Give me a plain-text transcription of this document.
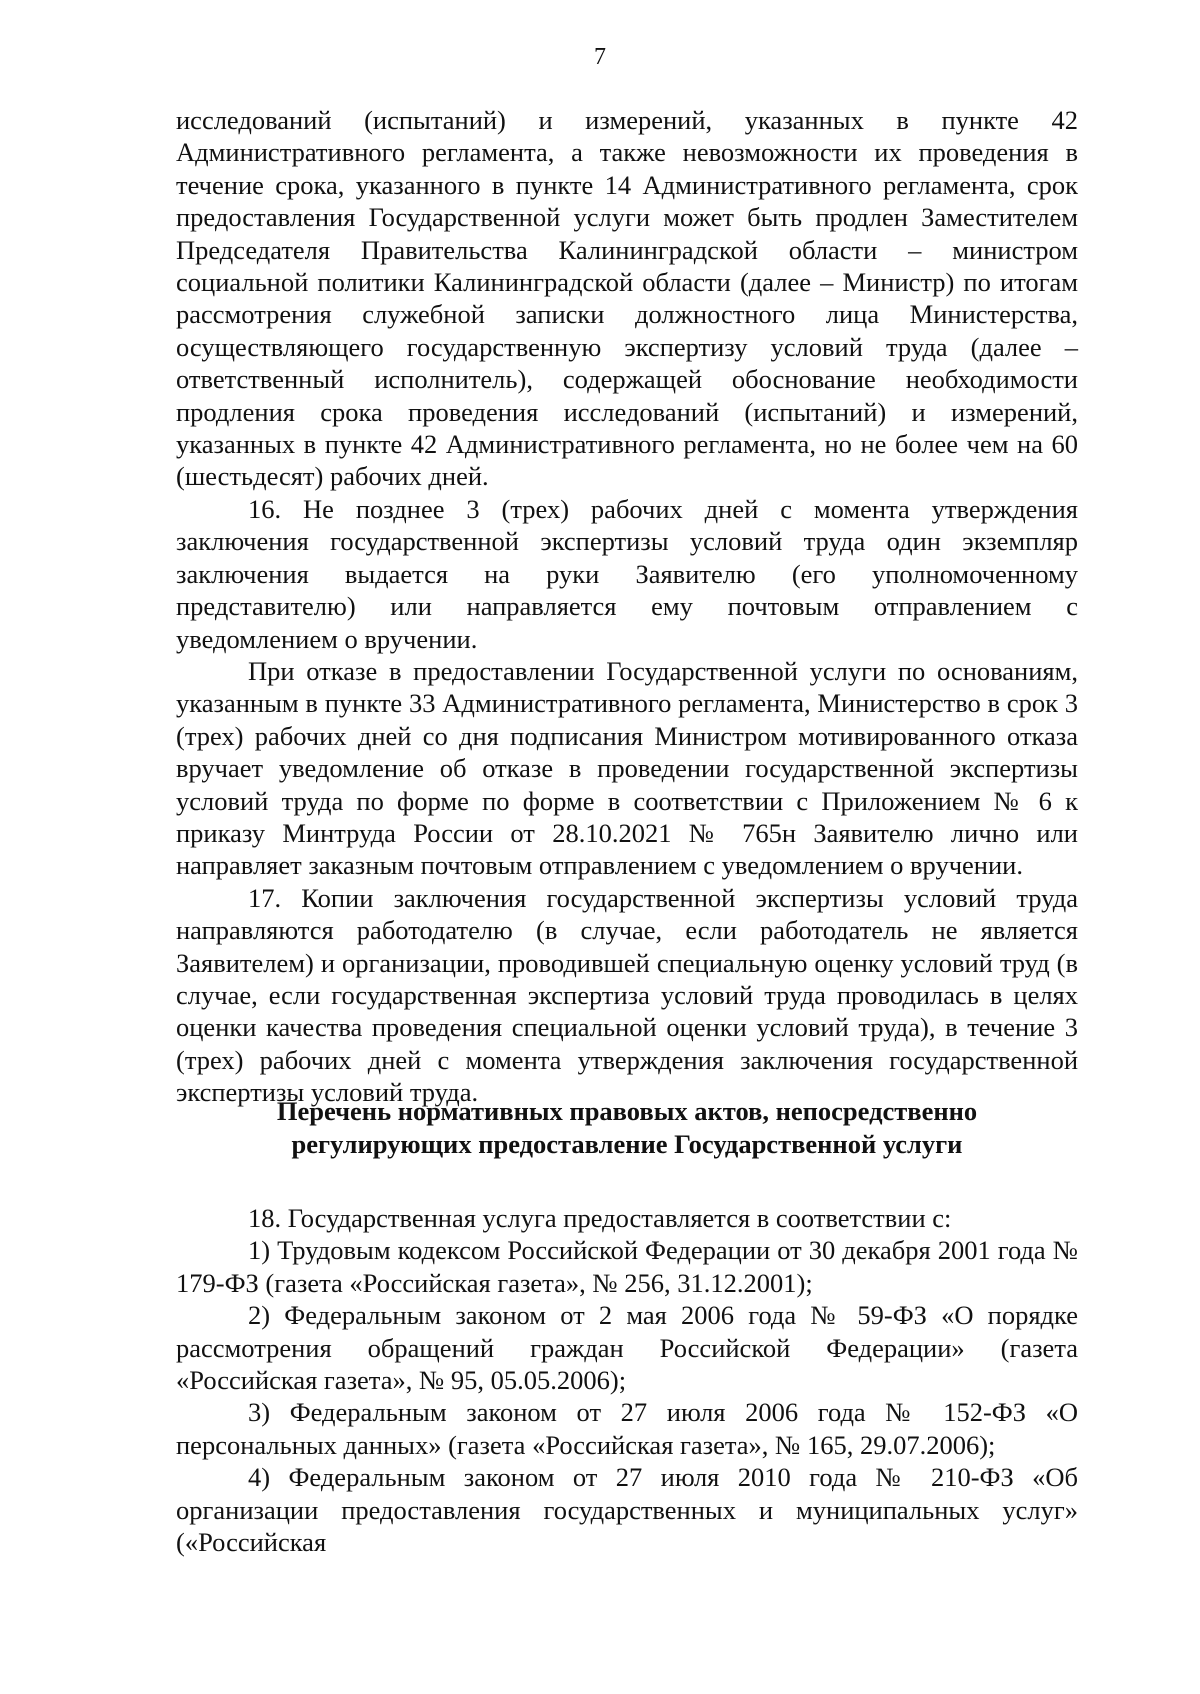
7

исследований (испытаний) и измерений, указанных в пункте 42 Административного регламента, а также невозможности их проведения в течение срока, указанного в пункте 14 Административного регламента, срок предоставления Государственной услуги может быть продлен Заместителем Председателя Правительства Калининградской области – министром социальной политики Калининградской области (далее – Министр) по итогам рассмотрения служебной записки должностного лица Министерства, осуществляющего государственную экспертизу условий труда (далее – ответственный исполнитель), содержащей обоснование необходимости продления срока проведения исследований (испытаний) и измерений, указанных в пункте 42 Административного регламента, но не более чем на 60 (шестьдесят) рабочих дней.

16. Не позднее 3 (трех) рабочих дней с момента утверждения заключения государственной экспертизы условий труда один экземпляр заключения выдается на руки Заявителю (его уполномоченному представителю) или направляется ему почтовым отправлением с уведомлением о вручении.

При отказе в предоставлении Государственной услуги по основаниям, указанным в пункте 33 Административного регламента, Министерство в срок 3 (трех) рабочих дней со дня подписания Министром мотивированного отказа вручает уведомление об отказе в проведении государственной экспертизы условий труда по форме по форме в соответствии с Приложением № 6 к приказу Минтруда России от 28.10.2021 № 765н Заявителю лично или направляет заказным почтовым отправлением с уведомлением о вручении.

17. Копии заключения государственной экспертизы условий труда направляются работодателю (в случае, если работодатель не является Заявителем) и организации, проводившей специальную оценку условий труд (в случае, если государственная экспертиза условий труда проводилась в целях оценки качества проведения специальной оценки условий труда), в течение 3 (трех) рабочих дней с момента утверждения заключения государственной экспертизы условий труда.

Перечень нормативных правовых актов, непосредственно
регулирующих предоставление Государственной услуги

18. Государственная услуга предоставляется в соответствии с:

1) Трудовым кодексом Российской Федерации от 30 декабря 2001 года № 179-ФЗ (газета «Российская газета», № 256, 31.12.2001);

2) Федеральным законом от 2 мая 2006 года № 59-ФЗ «О порядке рассмотрения обращений граждан Российской Федерации» (газета «Российская газета», № 95, 05.05.2006);

3) Федеральным законом от 27 июля 2006 года № 152-ФЗ «О персональных данных» (газета «Российская газета», № 165, 29.07.2006);

4) Федеральным законом от 27 июля 2010 года № 210-ФЗ «Об организации предоставления государственных и муниципальных услуг» («Российская
